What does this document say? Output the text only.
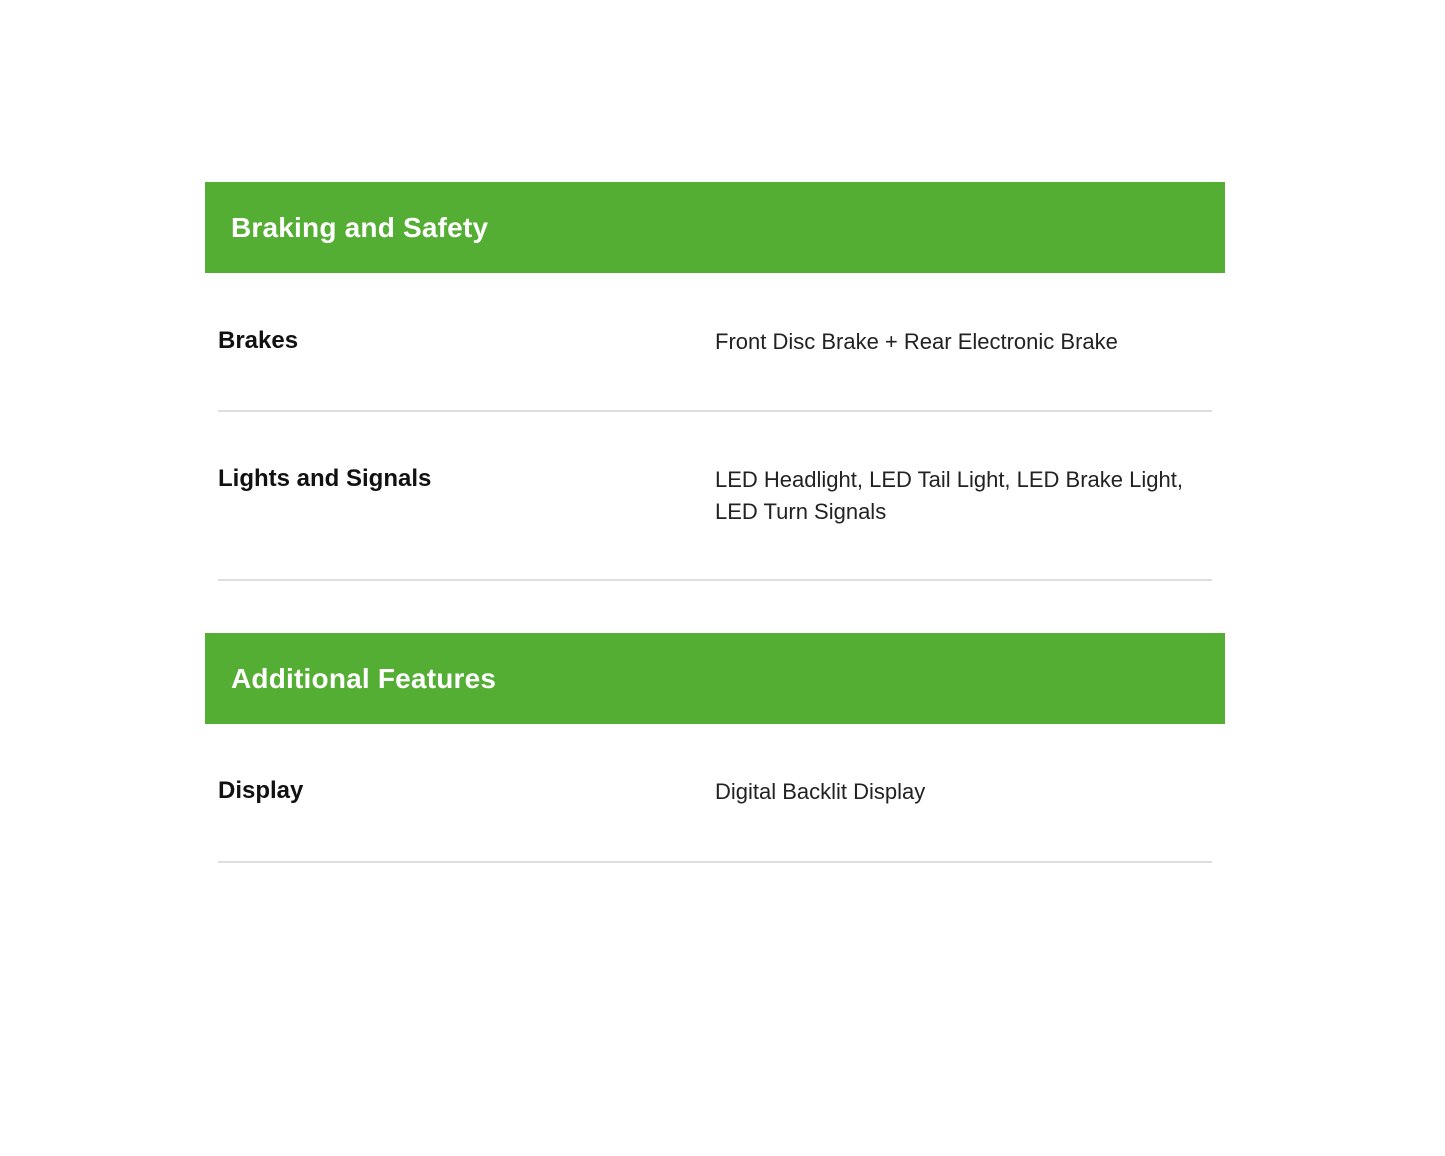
Braking and Safety
Brakes	Front Disc Brake + Rear Electronic Brake
Lights and Signals	LED Headlight, LED Tail Light, LED Brake Light,
LED Turn Signals
Additional Features
Display	Digital Backlit Display
